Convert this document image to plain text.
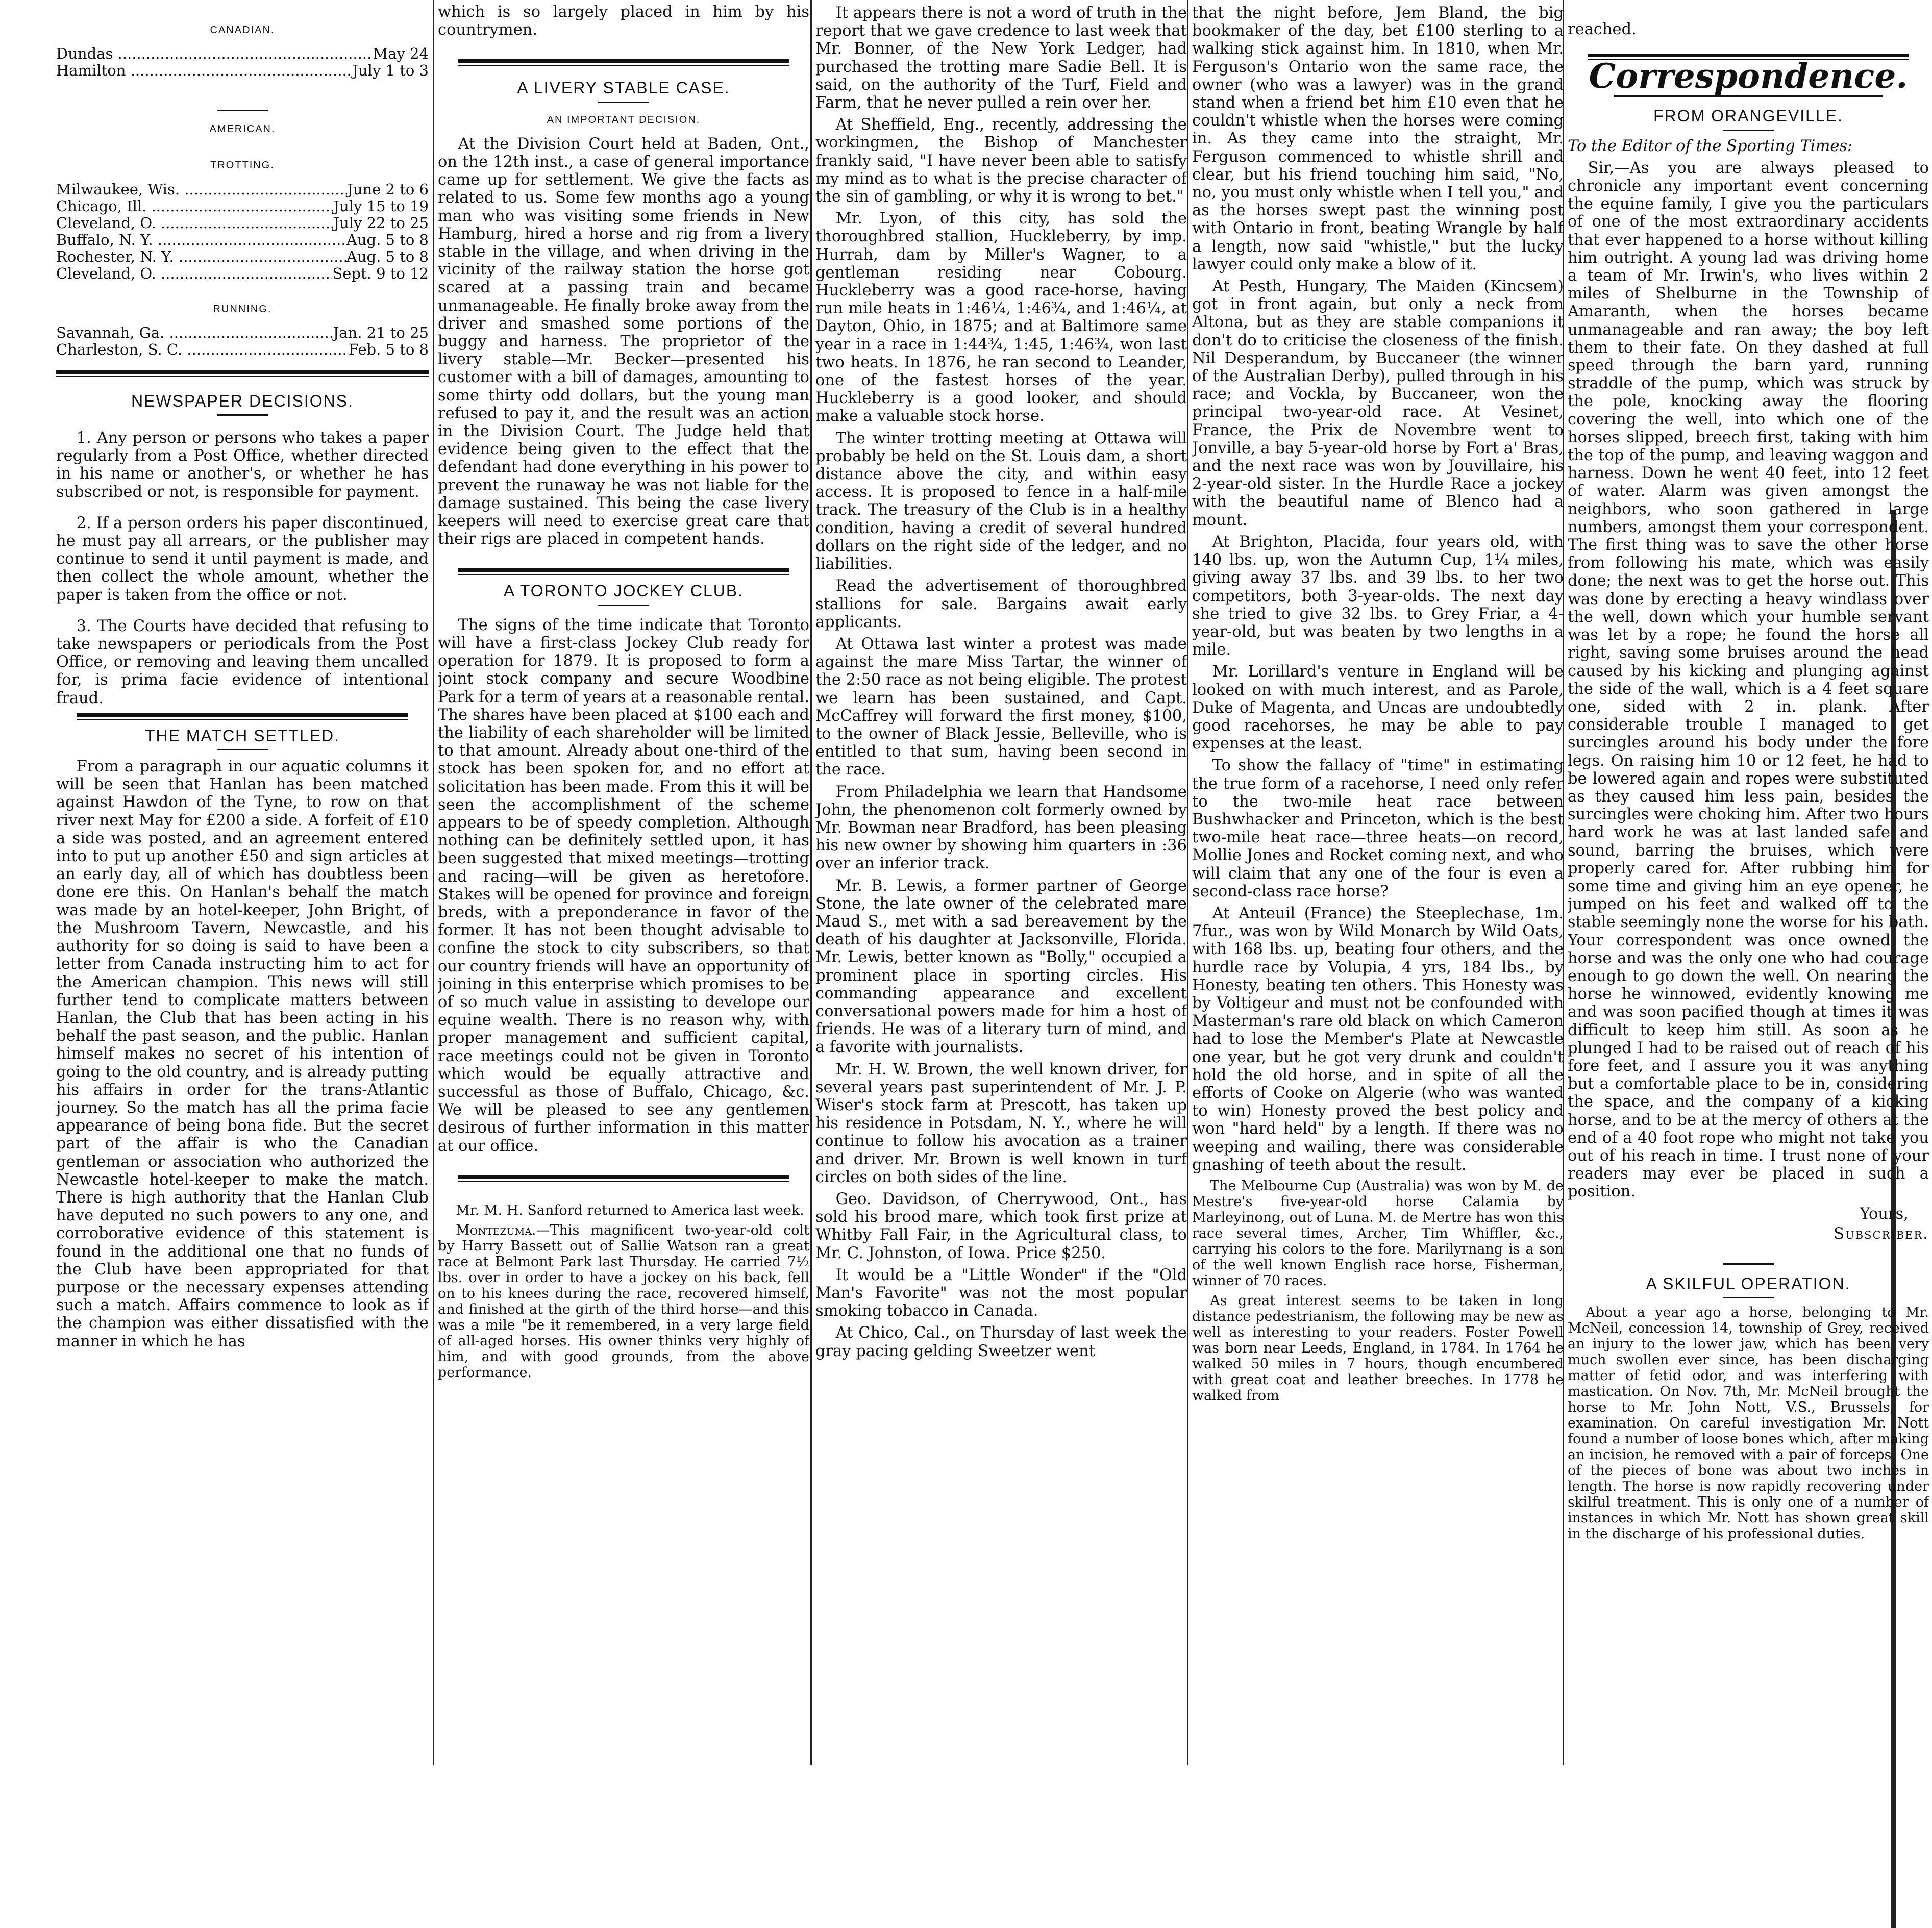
CANADIAN.
Dundas .....	May 24
Hamilton .....	July 1 to 3
AMERICAN.
TROTTING.
Milwaukee, Wis. .....	June 2 to 6
Chicago, Ill. .....	July 15 to 19
Cleveland, O. .....	July 22 to 25
Buffalo, N. Y. .....	Aug. 5 to 8
Rochester, N. Y. .....	Aug. 5 to 8
Cleveland, O. .....	Sept. 9 to 12
RUNNING.
Savannah, Ga. .....	Jan. 21 to 25
Charleston, S. C. .....	Feb. 5 to 8
NEWSPAPER DECISIONS.

1. Any person or persons who takes a paper regularly from a Post Office, whether directed in his name or another's, or whether he has subscribed or not, is responsible for payment.

2. If a person orders his paper discontinued, he must pay all arrears, or the publisher may continue to send it until payment is made, and then collect the whole amount, whether the paper is taken from the office or not.

3. The Courts have decided that refusing to take newspapers or periodicals from the Post Office, or removing and leaving them uncalled for, is prima facie evidence of intentional fraud.

THE MATCH SETTLED.

From a paragraph in our aquatic columns it will be seen that Hanlan has been matched against Hawdon of the Tyne, to row on that river next May for £200 a side. A forfeit of £10 a side was posted, and an agreement entered into to put up another £50 and sign articles at an early day, all of which has doubtless been done ere this. On Hanlan's behalf the match was made by an hotel-keeper, John Bright, of the Mushroom Tavern, Newcastle, and his authority for so doing is said to have been a letter from Canada instructing him to act for the American champion. This news will still further tend to complicate matters between Hanlan, the Club that has been acting in his behalf the past season, and the public. Hanlan himself makes no secret of his intention of going to the old country, and is already putting his affairs in order for the trans-Atlantic journey. So the match has all the prima facie appearance of being bona fide. But the secret part of the affair is who the Canadian gentleman or association who authorized the Newcastle hotel-keeper to make the match. There is high authority that the Hanlan Club have deputed no such powers to any one, and corroborative evidence of this statement is found in the additional one that no funds of the Club have been appropriated for that purpose or the necessary expenses attending such a match. Affairs commence to look as if the champion was either dissatisfied with the manner in which he has

which is so largely placed in him by his countrymen.

A LIVERY STABLE CASE.
AN IMPORTANT DECISION.

At the Division Court held at Baden, Ont., on the 12th inst., a case of general importance came up for settlement. We give the facts as related to us. Some few months ago a young man who was visiting some friends in New Hamburg, hired a horse and rig from a livery stable in the village, and when driving in the vicinity of the railway station the horse got scared at a passing train and became unmanageable. He finally broke away from the driver and smashed some portions of the buggy and harness. The proprietor of the livery stable—Mr. Becker—presented his customer with a bill of damages, amounting to some thirty odd dollars, but the young man refused to pay it, and the result was an action in the Division Court. The Judge held that evidence being given to the effect that the defendant had done everything in his power to prevent the runaway he was not liable for the damage sustained. This being the case livery keepers will need to exercise great care that their rigs are placed in competent hands.

A TORONTO JOCKEY CLUB.

The signs of the time indicate that Toronto will have a first-class Jockey Club ready for operation for 1879. It is proposed to form a joint stock company and secure Woodbine Park for a term of years at a reasonable rental. The shares have been placed at $100 each and the liability of each shareholder will be limited to that amount. Already about one-third of the stock has been spoken for, and no effort at solicitation has been made. From this it will be seen the accomplishment of the scheme appears to be of speedy completion. Although nothing can be definitely settled upon, it has been suggested that mixed meetings—trotting and racing—will be given as heretofore. Stakes will be opened for province and foreign breds, with a preponderance in favor of the former. It has not been thought advisable to confine the stock to city subscribers, so that our country friends will have an opportunity of joining in this enterprise which promises to be of so much value in assisting to develope our equine wealth. There is no reason why, with proper management and sufficient capital, race meetings could not be given in Toronto which would be equally attractive and successful as those of Buffalo, Chicago, &c. We will be pleased to see any gentlemen desirous of further information in this matter at our office.

Mr. M. H. Sanford returned to America last week.

Montezuma.—This magnificent two-year-old colt by Harry Bassett out of Sallie Watson ran a great race at Belmont Park last Thursday. He carried 7½ lbs. over in order to have a jockey on his back, fell on to his knees during the race, recovered himself, and finished at the girth of the third horse—and this was a mile "be it remembered, in a very large field of all-aged horses. His owner thinks very highly of him, and with good grounds, from the above performance.

It appears there is not a word of truth in the report that we gave credence to last week that Mr. Bonner, of the New York Ledger, had purchased the trotting mare Sadie Bell. It is said, on the authority of the Turf, Field and Farm, that he never pulled a rein over her.

At Sheffield, Eng., recently, addressing the workingmen, the Bishop of Manchester frankly said, "I have never been able to satisfy my mind as to what is the precise character of the sin of gambling, or why it is wrong to bet."

Mr. Lyon, of this city, has sold the thoroughbred stallion, Huckleberry, by imp. Hurrah, dam by Miller's Wagner, to a gentleman residing near Cobourg. Huckleberry was a good race-horse, having run mile heats in 1:46¼, 1:46¾, and 1:46¼, at Dayton, Ohio, in 1875; and at Baltimore same year in a race in 1:44¾, 1:45, 1:46¾, won last two heats. In 1876, he ran second to Leander, one of the fastest horses of the year. Huckleberry is a good looker, and should make a valuable stock horse.

The winter trotting meeting at Ottawa will probably be held on the St. Louis dam, a short distance above the city, and within easy access. It is proposed to fence in a half-mile track. The treasury of the Club is in a healthy condition, having a credit of several hundred dollars on the right side of the ledger, and no liabilities.

Read the advertisement of thoroughbred stallions for sale. Bargains await early applicants.

At Ottawa last winter a protest was made against the mare Miss Tartar, the winner of the 2:50 race as not being eligible. The protest we learn has been sustained, and Capt. McCaffrey will forward the first money, $100, to the owner of Black Jessie, Belleville, who is entitled to that sum, having been second in the race.

From Philadelphia we learn that Handsome John, the phenomenon colt formerly owned by Mr. Bowman near Bradford, has been pleasing his new owner by showing him quarters in :36 over an inferior track.

Mr. B. Lewis, a former partner of George Stone, the late owner of the celebrated mare Maud S., met with a sad bereavement by the death of his daughter at Jacksonville, Florida. Mr. Lewis, better known as "Bolly," occupied a prominent place in sporting circles. His commanding appearance and excellent conversational powers made for him a host of friends. He was of a literary turn of mind, and a favorite with journalists.

Mr. H. W. Brown, the well known driver, for several years past superintendent of Mr. J. P. Wiser's stock farm at Prescott, has taken up his residence in Potsdam, N. Y., where he will continue to follow his avocation as a trainer and driver. Mr. Brown is well known in turf circles on both sides of the line.

Geo. Davidson, of Cherrywood, Ont., has sold his brood mare, which took first prize at Whitby Fall Fair, in the Agricultural class, to Mr. C. Johnston, of Iowa. Price $250.

It would be a "Little Wonder" if the "Old Man's Favorite" was not the most popular smoking tobacco in Canada.

At Chico, Cal., on Thursday of last week the gray pacing gelding Sweetzer went

that the night before, Jem Bland, the big bookmaker of the day, bet £100 sterling to a walking stick against him. In 1810, when Mr. Ferguson's Ontario won the same race, the owner (who was a lawyer) was in the grand stand when a friend bet him £10 even that he couldn't whistle when the horses were coming in. As they came into the straight, Mr. Ferguson commenced to whistle shrill and clear, but his friend touching him said, "No, no, you must only whistle when I tell you," and as the horses swept past the winning post with Ontario in front, beating Wrangle by half a length, now said "whistle," but the lucky lawyer could only make a blow of it.

At Pesth, Hungary, The Maiden (Kincsem) got in front again, but only a neck from Altona, but as they are stable companions it don't do to criticise the closeness of the finish. Nil Desperandum, by Buccaneer (the winner of the Australian Derby), pulled through in his race; and Vockla, by Buccaneer, won the principal two-year-old race. At Vesinet, France, the Prix de Novembre went to Jonville, a bay 5-year-old horse by Fort a' Bras, and the next race was won by Jouvillaire, his 2-year-old sister. In the Hurdle Race a jockey with the beautiful name of Blenco had a mount.

At Brighton, Placida, four years old, with 140 lbs. up, won the Autumn Cup, 1¼ miles, giving away 37 lbs. and 39 lbs. to her two competitors, both 3-year-olds. The next day she tried to give 32 lbs. to Grey Friar, a 4-year-old, but was beaten by two lengths in a mile.

Mr. Lorillard's venture in England will be looked on with much interest, and as Parole, Duke of Magenta, and Uncas are undoubtedly good racehorses, he may be able to pay expenses at the least.

To show the fallacy of "time" in estimating the true form of a racehorse, I need only refer to the two-mile heat race between Bushwhacker and Princeton, which is the best two-mile heat race—three heats—on record, Mollie Jones and Rocket coming next, and who will claim that any one of the four is even a second-class race horse?

At Anteuil (France) the Steeplechase, 1m. 7fur., was won by Wild Monarch by Wild Oats, with 168 lbs. up, beating four others, and the hurdle race by Volupia, 4 yrs, 184 lbs., by Honesty, beating ten others. This Honesty was by Voltigeur and must not be confounded with Masterman's rare old black on which Cameron had to lose the Member's Plate at Newcastle one year, but he got very drunk and couldn't hold the old horse, and in spite of all the efforts of Cooke on Algerie (who was wanted to win) Honesty proved the best policy and won "hard held" by a length. If there was no weeping and wailing, there was considerable gnashing of teeth about the result.

The Melbourne Cup (Australia) was won by M. de Mestre's five-year-old horse Calamia by Marleyinong, out of Luna. M. de Mertre has won this race several times, Archer, Tim Whiffler, &c., carrying his colors to the fore. Marilyrnang is a son of the well known English race horse, Fisherman, winner of 70 races.

As great interest seems to be taken in long distance pedestrianism, the following may be new as well as interesting to your readers. Foster Powell was born near Leeds, England, in 1784. In 1764 he walked 50 miles in 7 hours, though encumbered with great coat and leather breeches. In 1778 he walked from

reached.

Correspondence.
FROM ORANGEVILLE.

To the Editor of the Sporting Times:

Sir,—As you are always pleased to chronicle any important event concerning the equine family, I give you the particulars of one of the most extraordinary accidents that ever happened to a horse without killing him outright. A young lad was driving home a team of Mr. Irwin's, who lives within 2 miles of Shelburne in the Township of Amaranth, when the horses became unmanageable and ran away; the boy left them to their fate. On they dashed at full speed through the barn yard, running straddle of the pump, which was struck by the pole, knocking away the flooring covering the well, into which one of the horses slipped, breech first, taking with him the top of the pump, and leaving waggon and harness. Down he went 40 feet, into 12 feet of water. Alarm was given amongst the neighbors, who soon gathered in large numbers, amongst them your correspondent. The first thing was to save the other horse from following his mate, which was easily done; the next was to get the horse out. This was done by erecting a heavy windlass over the well, down which your humble servant was let by a rope; he found the horse all right, saving some bruises around the head caused by his kicking and plunging against the side of the wall, which is a 4 feet square one, sided with 2 in. plank. After considerable trouble I managed to get surcingles around his body under the fore legs. On raising him 10 or 12 feet, he had to be lowered again and ropes were substituted as they caused him less pain, besides the surcingles were choking him. After two hours hard work he was at last landed safe and sound, barring the bruises, which were properly cared for. After rubbing him for some time and giving him an eye opener, he jumped on his feet and walked off to the stable seemingly none the worse for his bath. Your correspondent was once owned the horse and was the only one who had courage enough to go down the well. On nearing the horse he winnowed, evidently knowing me and was soon pacified though at times it was difficult to keep him still. As soon as he plunged I had to be raised out of reach of his fore feet, and I assure you it was anything but a comfortable place to be in, considering the space, and the company of a kicking horse, and to be at the mercy of others at the end of a 40 foot rope who might not take you out of his reach in time. I trust none of your readers may ever be placed in such a position.

Yours,
Subscriber.
A SKILFUL OPERATION.

About a year ago a horse, belonging to Mr. McNeil, concession 14, township of Grey, received an injury to the lower jaw, which has been very much swollen ever since, has been discharging matter of fetid odor, and was interfering with mastication. On Nov. 7th, Mr. McNeil brought the horse to Mr. John Nott, V.S., Brussels, for examination. On careful investigation Mr. Nott found a number of loose bones which, after making an incision, he removed with a pair of forceps. One of the pieces of bone was about two inches in length. The horse is now rapidly recovering under skilful treatment. This is only one of a number of instances in which Mr. Nott has shown great skill in the discharge of his professional duties.
